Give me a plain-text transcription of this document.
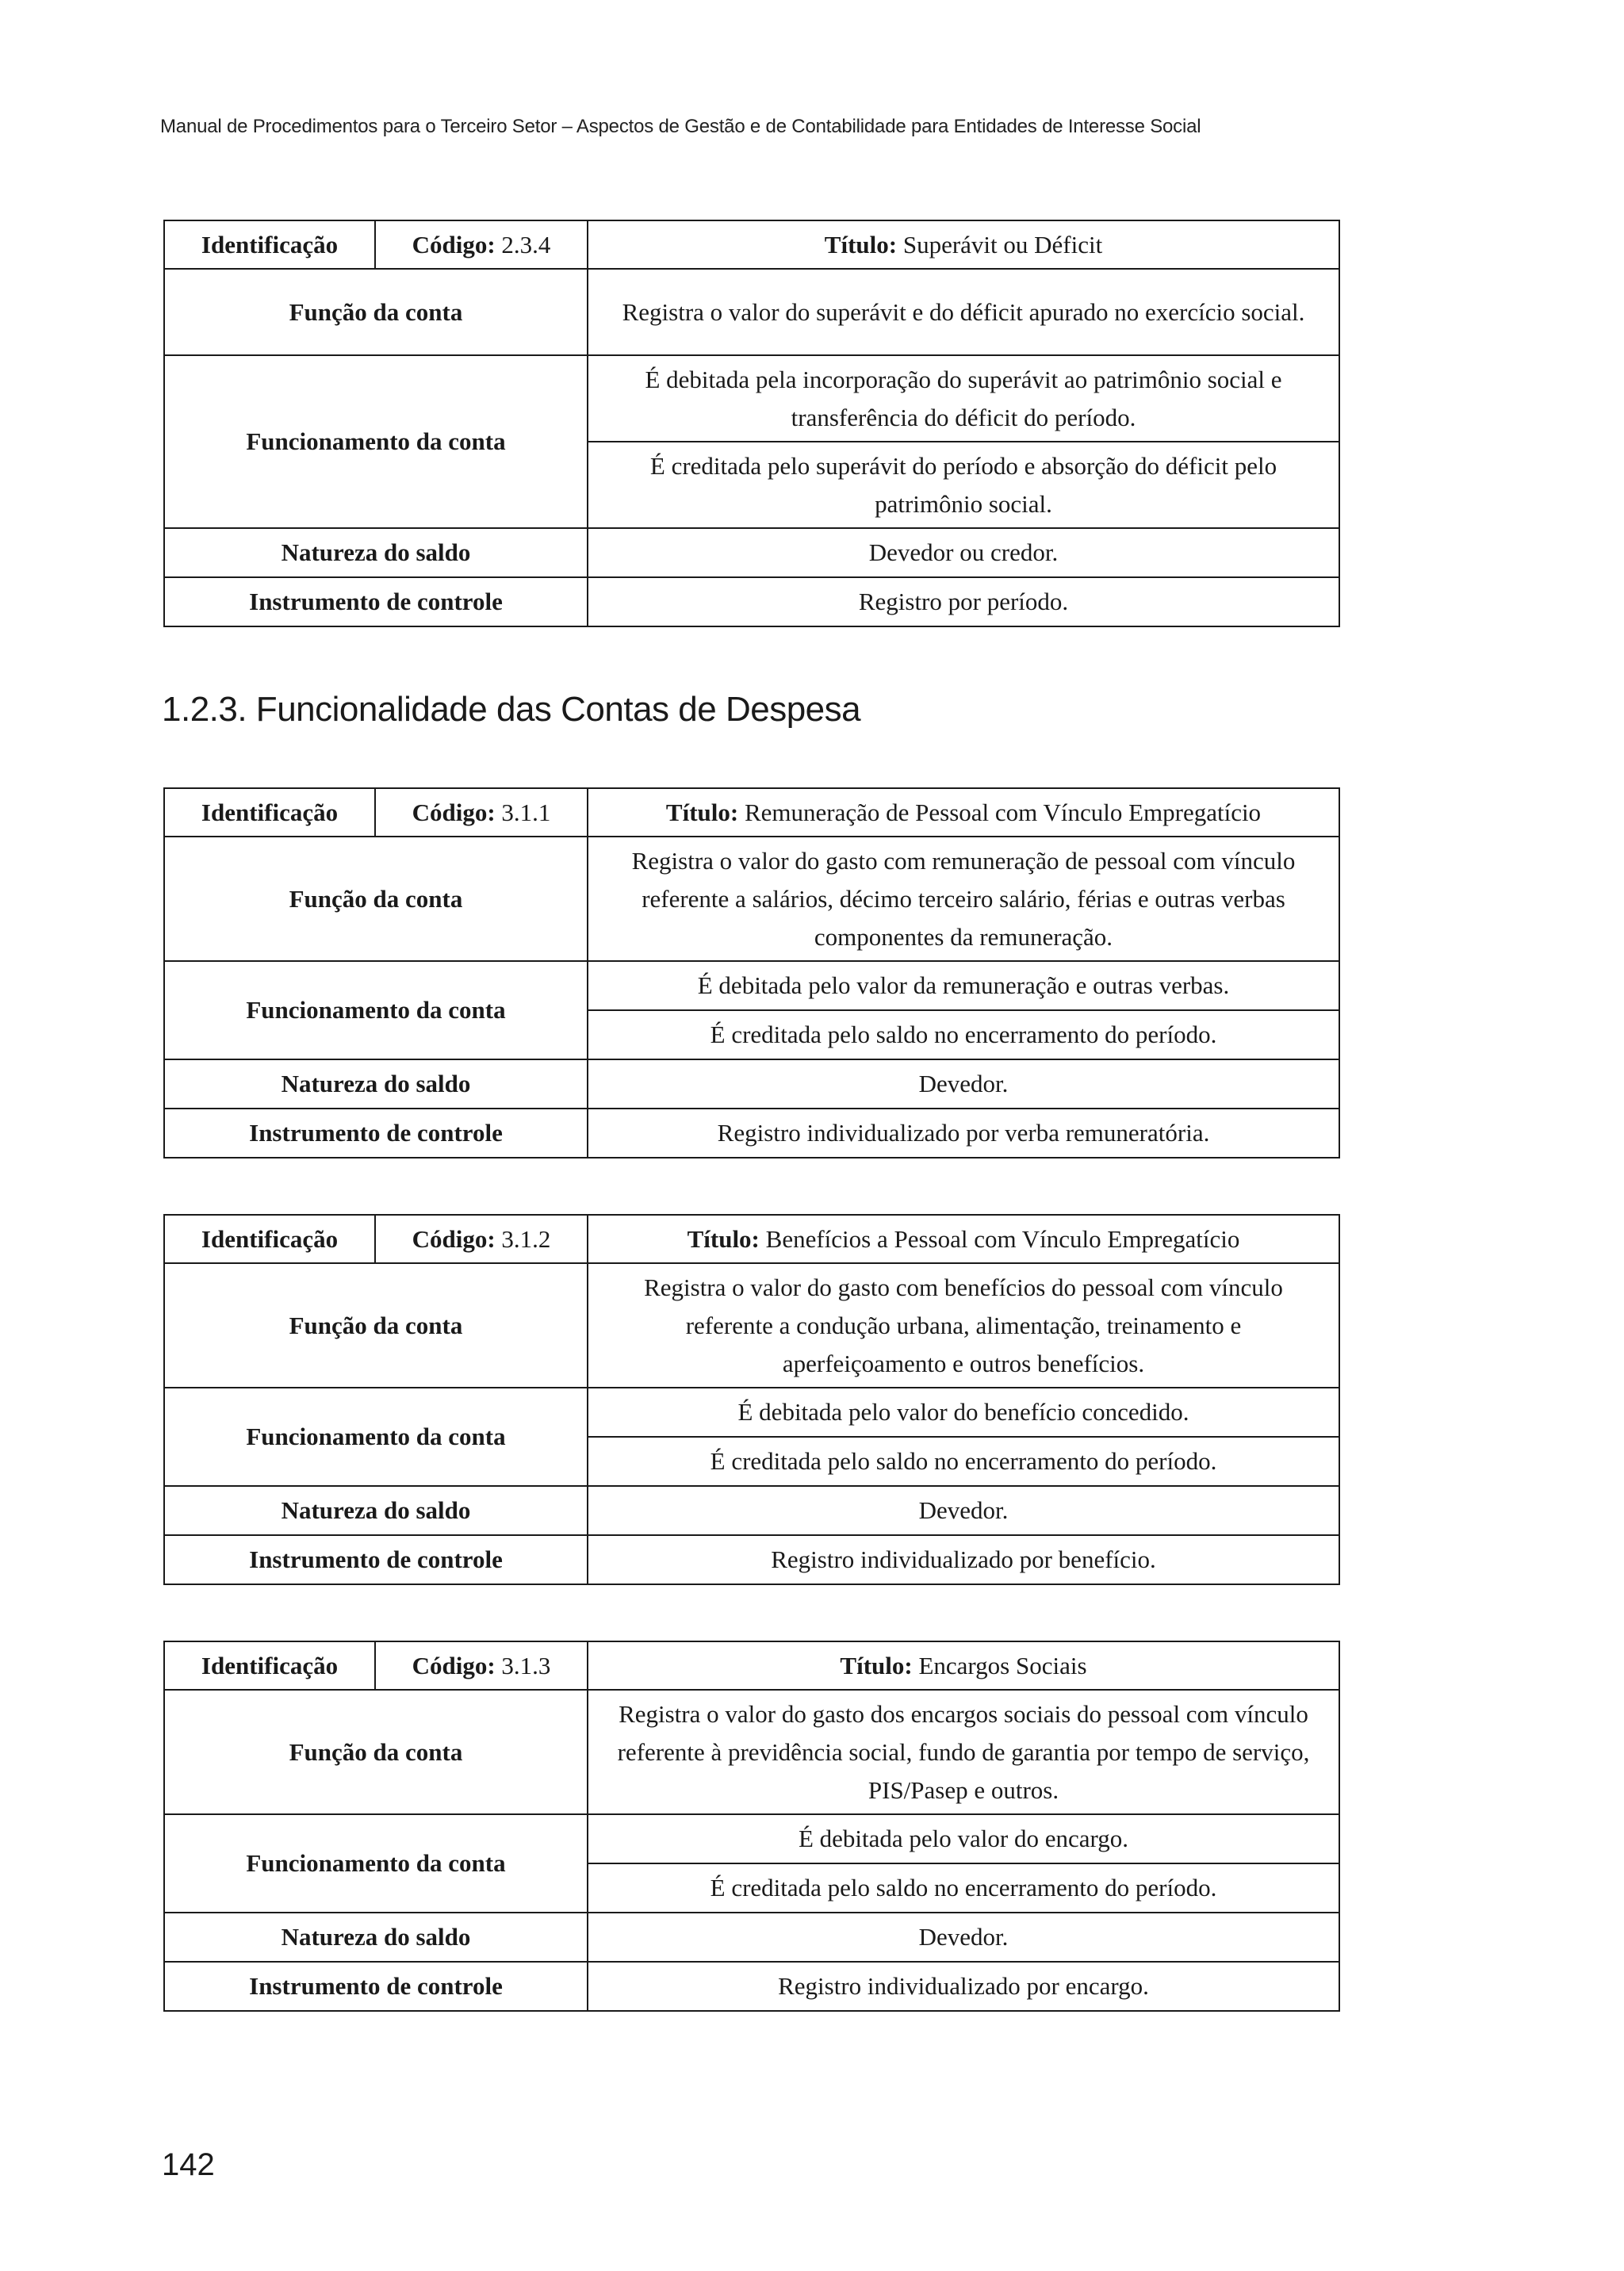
Manual de Procedimentos para o Terceiro Setor – Aspectos de Gestão e de Contabilidade para Entidades de Interesse Social
Identificação	Código: 2.3.4	Título: Superávit ou Déficit
Função da conta		Registra o valor do superávit e do déficit apurado no exercício social.
Funcionamento da conta		É debitada pela incorporação do superávit ao patrimônio social e transferência do déficit do período.
		É creditada pelo superávit do período e absorção do déficit pelo patrimônio social.
Natureza do saldo		Devedor ou credor.
Instrumento de controle		Registro por período.
1.2.3. Funcionalidade das Contas de Despesa
Identificação	Código: 3.1.1	Título: Remuneração de Pessoal com Vínculo Empregatício
Função da conta		Registra o valor do gasto com remuneração de pessoal com vínculo referente a salários, décimo terceiro salário, férias e outras verbas componentes da remuneração.
Funcionamento da conta		É debitada pelo valor da remuneração e outras verbas.
		É creditada pelo saldo no encerramento do período.
Natureza do saldo		Devedor.
Instrumento de controle		Registro individualizado por verba remuneratória.
Identificação	Código: 3.1.2	Título: Benefícios a Pessoal com Vínculo Empregatício
Função da conta		Registra o valor do gasto com benefícios do pessoal com vínculo referente a condução urbana, alimentação, treinamento e aperfeiçoamento e outros benefícios.
Funcionamento da conta		É debitada pelo valor do benefício concedido.
		É creditada pelo saldo no encerramento do período.
Natureza do saldo		Devedor.
Instrumento de controle		Registro individualizado por benefício.
Identificação	Código: 3.1.3	Título: Encargos Sociais
Função da conta		Registra o valor do gasto dos encargos sociais do pessoal com vínculo referente à previdência social, fundo de garantia por tempo de serviço, PIS/Pasep e outros.
Funcionamento da conta		É debitada pelo valor do encargo.
		É creditada pelo saldo no encerramento do período.
Natureza do saldo		Devedor.
Instrumento de controle		Registro individualizado por encargo.
142
